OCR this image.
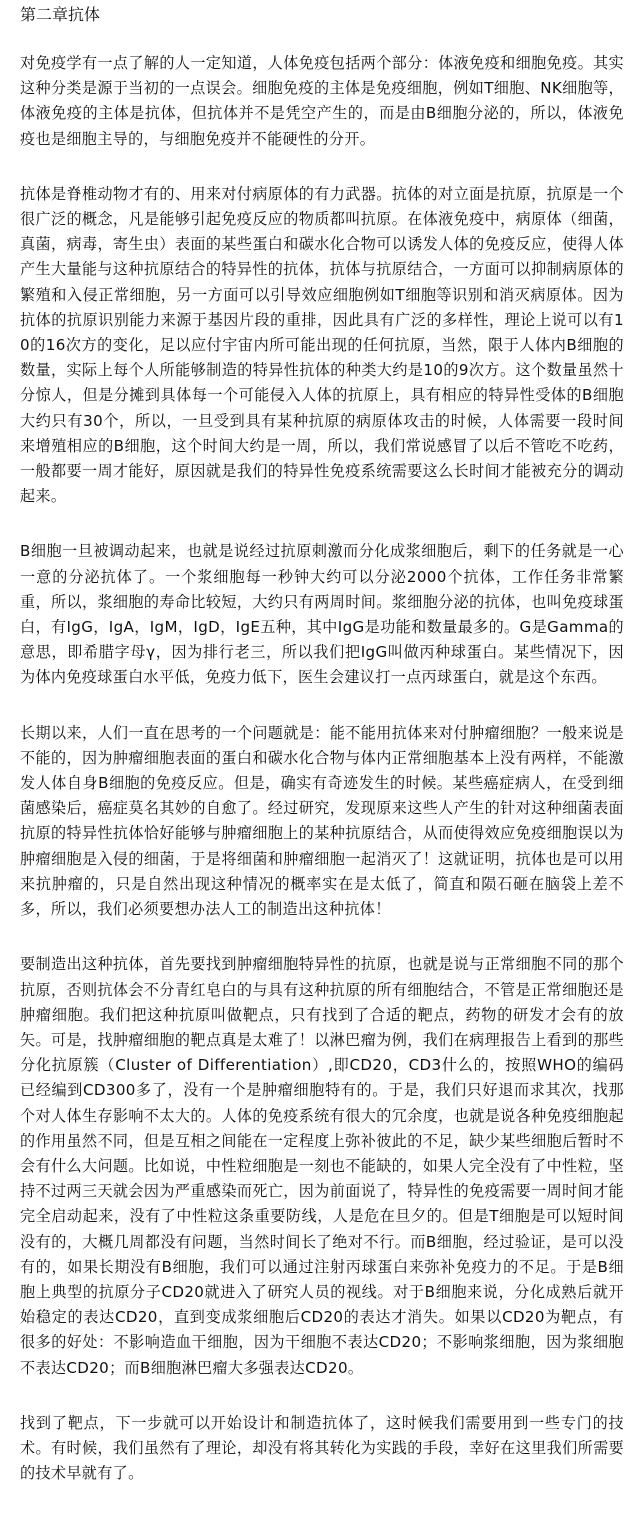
第二章抗体

对免疫学有一点了解的人一定知道，人体免疫包括两个部分：体液免疫和细胞免疫。其实这种分类是源于当初的一点误会。细胞免疫的主体是免疫细胞，例如T细胞、NK细胞等，体液免疫的主体是抗体，但抗体并不是凭空产生的，而是由B细胞分泌的，所以，体液免疫也是细胞主导的，与细胞免疫并不能硬性的分开。

抗体是脊椎动物才有的、用来对付病原体的有力武器。抗体的对立面是抗原，抗原是一个很广泛的概念，凡是能够引起免疫反应的物质都叫抗原。在体液免疫中，病原体（细菌，真菌，病毒，寄生虫）表面的某些蛋白和碳水化合物可以诱发人体的免疫反应，使得人体产生大量能与这种抗原结合的特异性的抗体，抗体与抗原结合，一方面可以抑制病原体的繁殖和入侵正常细胞，另一方面可以引导效应细胞例如T细胞等识别和消灭病原体。因为抗体的抗原识别能力来源于基因片段的重排，因此具有广泛的多样性，理论上说可以有10的16次方的变化，足以应付宇宙内所可能出现的任何抗原，当然，限于人体内B细胞的数量，实际上每个人所能够制造的特异性抗体的种类大约是10的9次方。这个数量虽然十分惊人，但是分摊到具体每一个可能侵入人体的抗原上，具有相应的特异性受体的B细胞大约只有30个，所以，一旦受到具有某种抗原的病原体攻击的时候，人体需要一段时间来增殖相应的B细胞，这个时间大约是一周，所以，我们常说感冒了以后不管吃不吃药，一般都要一周才能好，原因就是我们的特异性免疫系统需要这么长时间才能被充分的调动起来。

B细胞一旦被调动起来，也就是说经过抗原刺激而分化成浆细胞后，剩下的任务就是一心一意的分泌抗体了。一个浆细胞每一秒钟大约可以分泌2000个抗体，工作任务非常繁重，所以，浆细胞的寿命比较短，大约只有两周时间。浆细胞分泌的抗体，也叫免疫球蛋白，有IgG，IgA，IgM，IgD，IgE五种，其中IgG是功能和数量最多的。G是Gamma的意思，即希腊字母γ，因为排行老三，所以我们把IgG叫做丙种球蛋白。某些情况下，因为体内免疫球蛋白水平低，免疫力低下，医生会建议打一点丙球蛋白，就是这个东西。

长期以来，人们一直在思考的一个问题就是：能不能用抗体来对付肿瘤细胞？一般来说是不能的，因为肿瘤细胞表面的蛋白和碳水化合物与体内正常细胞基本上没有两样，不能激发人体自身B细胞的免疫反应。但是，确实有奇迹发生的时候。某些癌症病人，在受到细菌感染后，癌症莫名其妙的自愈了。经过研究，发现原来这些人产生的针对这种细菌表面抗原的特异性抗体恰好能够与肿瘤细胞上的某种抗原结合，从而使得效应免疫细胞误以为肿瘤细胞是入侵的细菌，于是将细菌和肿瘤细胞一起消灭了！这就证明，抗体也是可以用来抗肿瘤的，只是自然出现这种情况的概率实在是太低了，简直和陨石砸在脑袋上差不多，所以，我们必须要想办法人工的制造出这种抗体！

要制造出这种抗体，首先要找到肿瘤细胞特异性的抗原，也就是说与正常细胞不同的那个抗原，否则抗体会不分青红皂白的与具有这种抗原的所有细胞结合，不管是正常细胞还是肿瘤细胞。我们把这种抗原叫做靶点，只有找到了合适的靶点，药物的研发才会有的放矢。可是，找肿瘤细胞的靶点真是太难了！以淋巴瘤为例，我们在病理报告上看到的那些分化抗原簇（Cluster of Differentiation）,即CD20，CD3什么的，按照WHO的编码已经编到CD300多了，没有一个是肿瘤细胞特有的。于是，我们只好退而求其次，找那个对人体生存影响不太大的。人体的免疫系统有很大的冗余度，也就是说各种免疫细胞起的作用虽然不同，但是互相之间能在一定程度上弥补彼此的不足，缺少某些细胞后暂时不会有什么大问题。比如说，中性粒细胞是一刻也不能缺的，如果人完全没有了中性粒，坚持不过两三天就会因为严重感染而死亡，因为前面说了，特异性的免疫需要一周时间才能完全启动起来，没有了中性粒这条重要防线，人是危在旦夕的。但是T细胞是可以短时间没有的，大概几周都没有问题，当然时间长了绝对不行。而B细胞，经过验证，是可以没有的，如果长期没有B细胞，我们可以通过注射丙球蛋白来弥补免疫力的不足。于是B细胞上典型的抗原分子CD20就进入了研究人员的视线。对于B细胞来说，分化成熟后就开始稳定的表达CD20，直到变成浆细胞后CD20的表达才消失。如果以CD20为靶点，有很多的好处：不影响造血干细胞，因为干细胞不表达CD20；不影响浆细胞，因为浆细胞不表达CD20；而B细胞淋巴瘤大多强表达CD20。

找到了靶点，下一步就可以开始设计和制造抗体了，这时候我们需要用到一些专门的技术。有时候，我们虽然有了理论，却没有将其转化为实践的手段，幸好在这里我们所需要的技术早就有了。
